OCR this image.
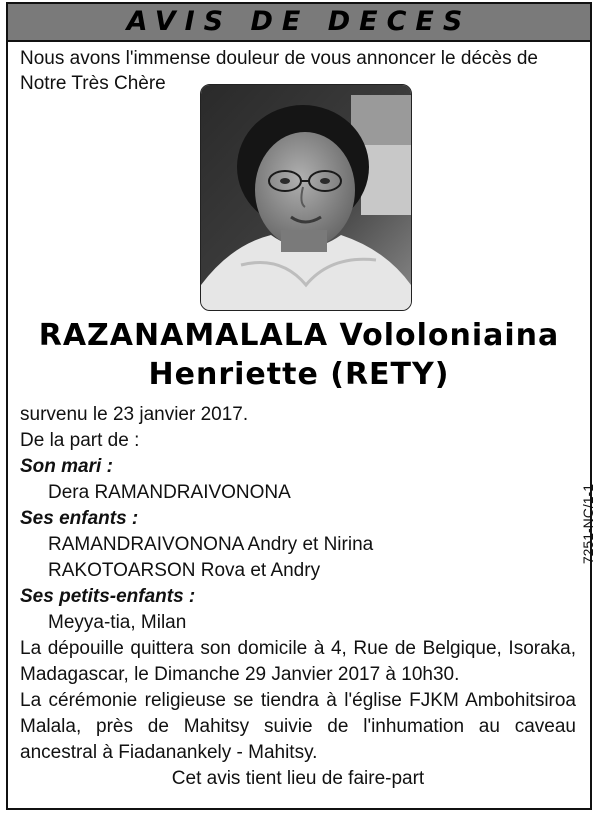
AVIS DE DECES
Nous avons l'immense douleur de vous annoncer le décès de
Notre Très Chère
RAZANAMALALA Vololoniaina
Henriette (RETY)
survenu le 23 janvier 2017.
De la part de :
Son mari :
Dera RAMANDRAIVONONA
Ses enfants :
RAMANDRAIVONONA Andry et Nirina
RAKOTOARSON Rova et Andry
Ses petits-enfants :
Meyya-tia, Milan
La dépouille quittera son domicile à 4, Rue de Belgique, Isoraka, Madagascar, le Dimanche 29 Janvier 2017 à 10h30.
La cérémonie religieuse se tiendra à l'église FJKM Ambohitsiroa Malala, près de Mahitsy suivie de l'inhumation au caveau ancestral à Fiadanankely - Mahitsy.
Cet avis tient lieu de faire-part
7251-NC/1-1
